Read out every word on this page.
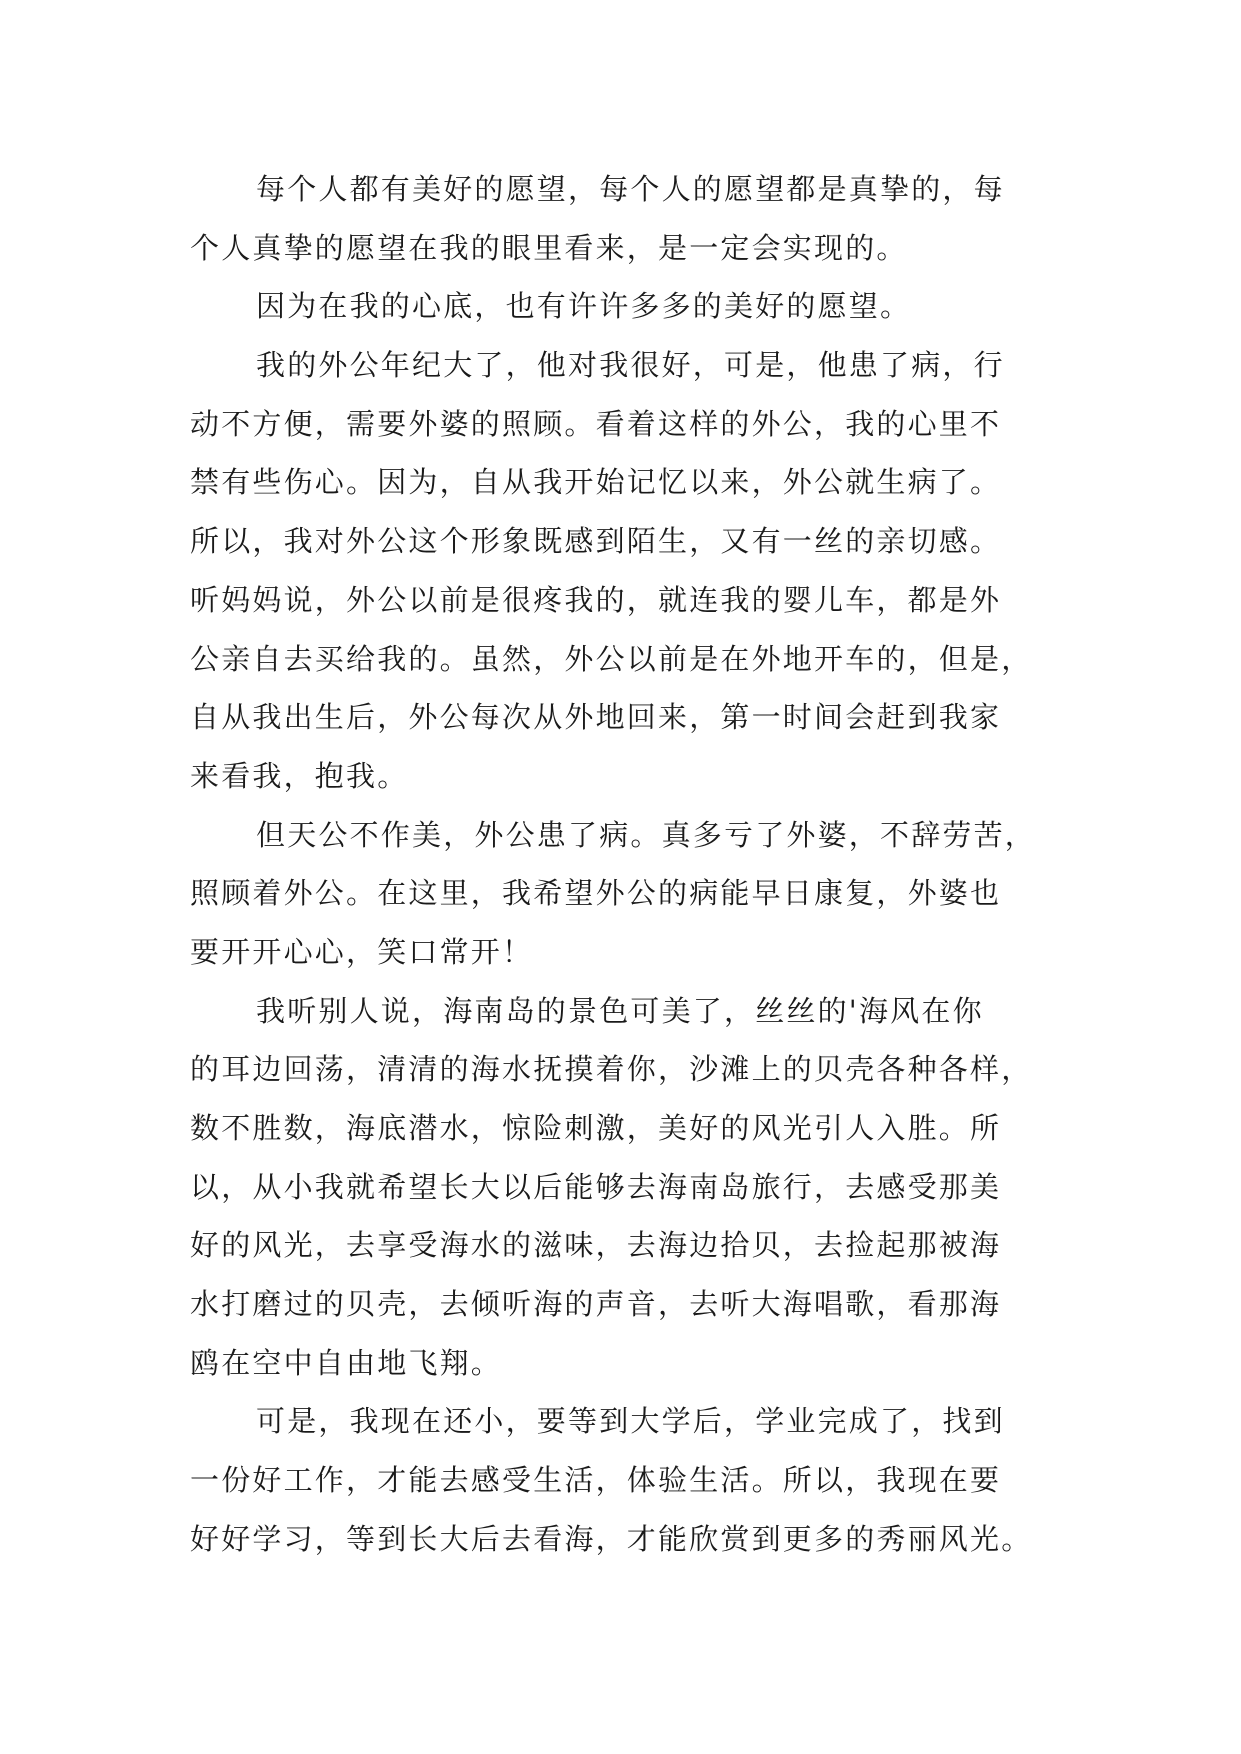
每个人都有美好的愿望，每个人的愿望都是真挚的，每
个人真挚的愿望在我的眼里看来，是一定会实现的。
因为在我的心底，也有许许多多的美好的愿望。
我的外公年纪大了，他对我很好，可是，他患了病，行
动不方便，需要外婆的照顾。看着这样的外公，我的心里不
禁有些伤心。因为，自从我开始记忆以来，外公就生病了。
所以，我对外公这个形象既感到陌生，又有一丝的亲切感。
听妈妈说，外公以前是很疼我的，就连我的婴儿车，都是外
公亲自去买给我的。虽然，外公以前是在外地开车的，但是，
自从我出生后，外公每次从外地回来，第一时间会赶到我家
来看我，抱我。
但天公不作美，外公患了病。真多亏了外婆，不辞劳苦，
照顾着外公。在这里，我希望外公的病能早日康复，外婆也
要开开心心，笑口常开！
我听别人说，海南岛的景色可美了，丝丝的'海风在你
的耳边回荡，清清的海水抚摸着你，沙滩上的贝壳各种各样，
数不胜数，海底潜水，惊险刺激，美好的风光引人入胜。所
以，从小我就希望长大以后能够去海南岛旅行，去感受那美
好的风光，去享受海水的滋味，去海边拾贝，去捡起那被海
水打磨过的贝壳，去倾听海的声音，去听大海唱歌，看那海
鸥在空中自由地飞翔。
可是，我现在还小，要等到大学后，学业完成了，找到
一份好工作，才能去感受生活，体验生活。所以，我现在要
好好学习，等到长大后去看海，才能欣赏到更多的秀丽风光。
